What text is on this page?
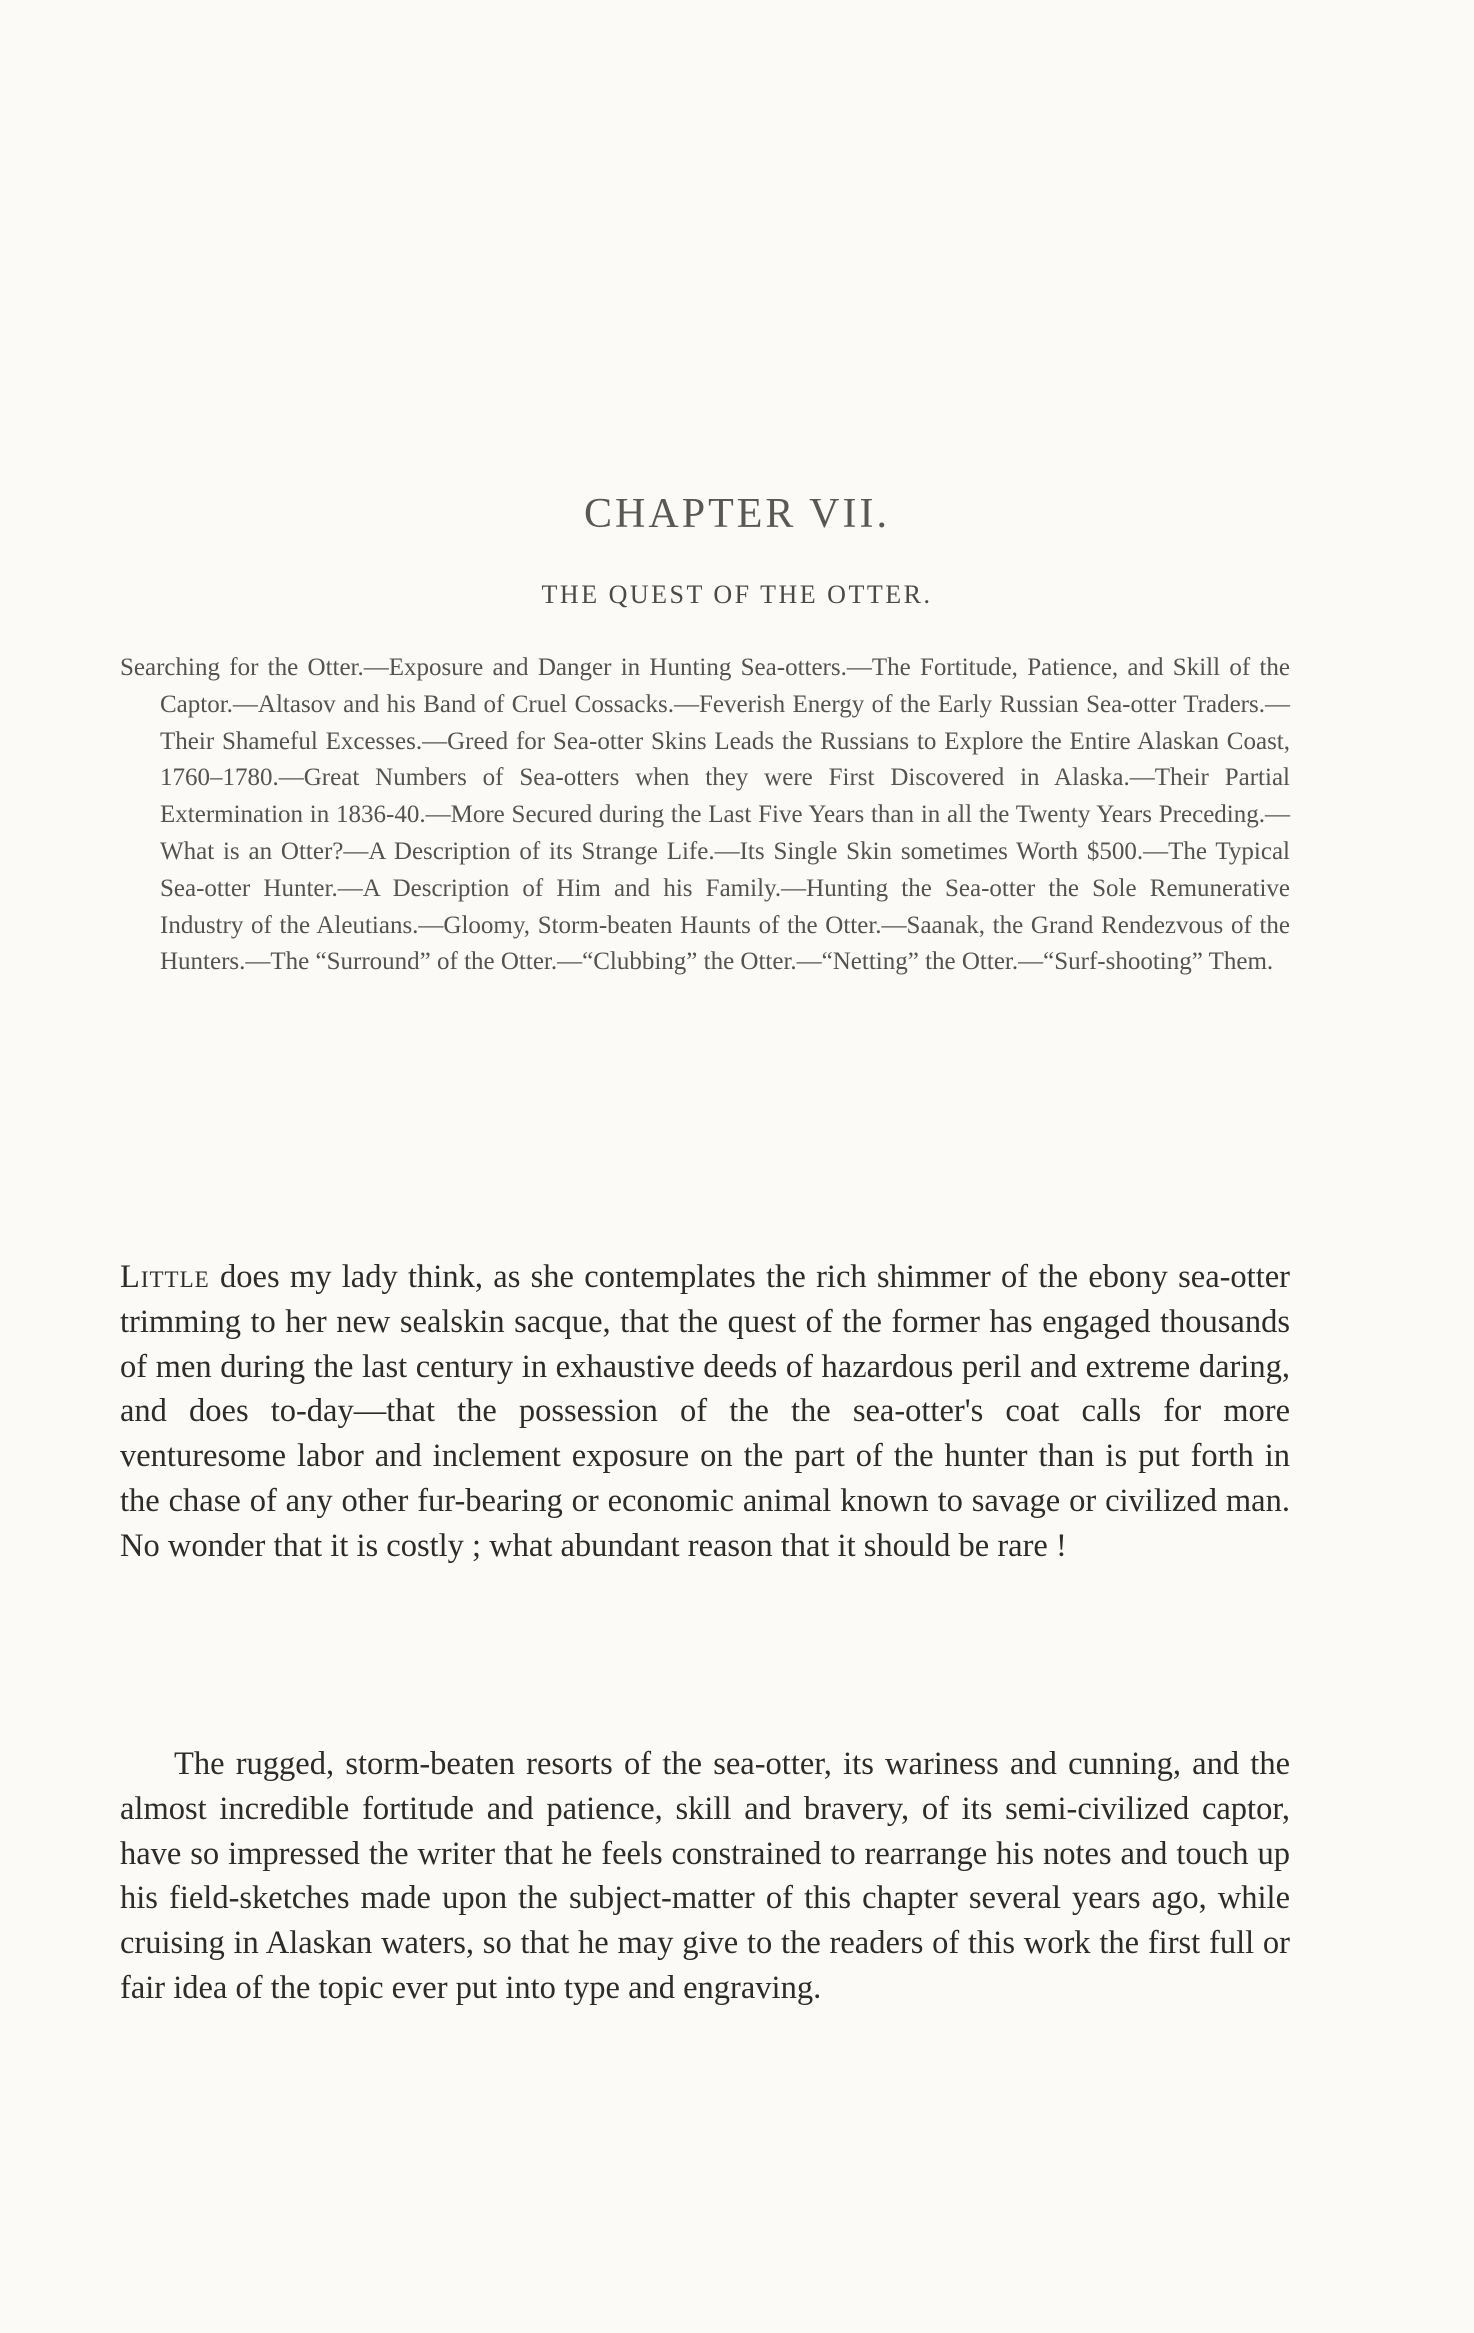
CHAPTER VII.
THE QUEST OF THE OTTER.
Searching for the Otter.—Exposure and Danger in Hunting Sea-otters.—The Fortitude, Patience, and Skill of the Captor.—Altasov and his Band of Cruel Cossacks.—Feverish Energy of the Early Russian Sea-otter Traders.—Their Shameful Excesses.—Greed for Sea-otter Skins Leads the Russians to Explore the Entire Alaskan Coast, 1760–1780.—Great Numbers of Sea-otters when they were First Discovered in Alaska.—Their Partial Extermination in 1836-40.—More Secured during the Last Five Years than in all the Twenty Years Preceding.—What is an Otter?—A Description of its Strange Life.—Its Single Skin sometimes Worth $500.—The Typical Sea-otter Hunter.—A Description of Him and his Family.—Hunting the Sea-otter the Sole Remunerative Industry of the Aleutians.—Gloomy, Storm-beaten Haunts of the Otter.—Saanak, the Grand Rendezvous of the Hunters.—The “Surround” of the Otter.—“Clubbing” the Otter.—“Netting” the Otter.—“Surf-shooting” Them.

Little does my lady think, as she contemplates the rich shimmer of the ebony sea-otter trimming to her new sealskin sacque, that the quest of the former has engaged thousands of men during the last century in exhaustive deeds of hazardous peril and extreme daring, and does to-day—that the possession of the the sea-otter's coat calls for more venturesome labor and inclement exposure on the part of the hunter than is put forth in the chase of any other fur-bearing or economic animal known to savage or civilized man. No wonder that it is costly ; what abundant reason that it should be rare !

The rugged, storm-beaten resorts of the sea-otter, its wariness and cunning, and the almost incredible fortitude and patience, skill and bravery, of its semi-civilized captor, have so impressed the writer that he feels constrained to rearrange his notes and touch up his field-sketches made upon the subject-matter of this chapter several years ago, while cruising in Alaskan waters, so that he may give to the readers of this work the first full or fair idea of the topic ever put into type and engraving.
